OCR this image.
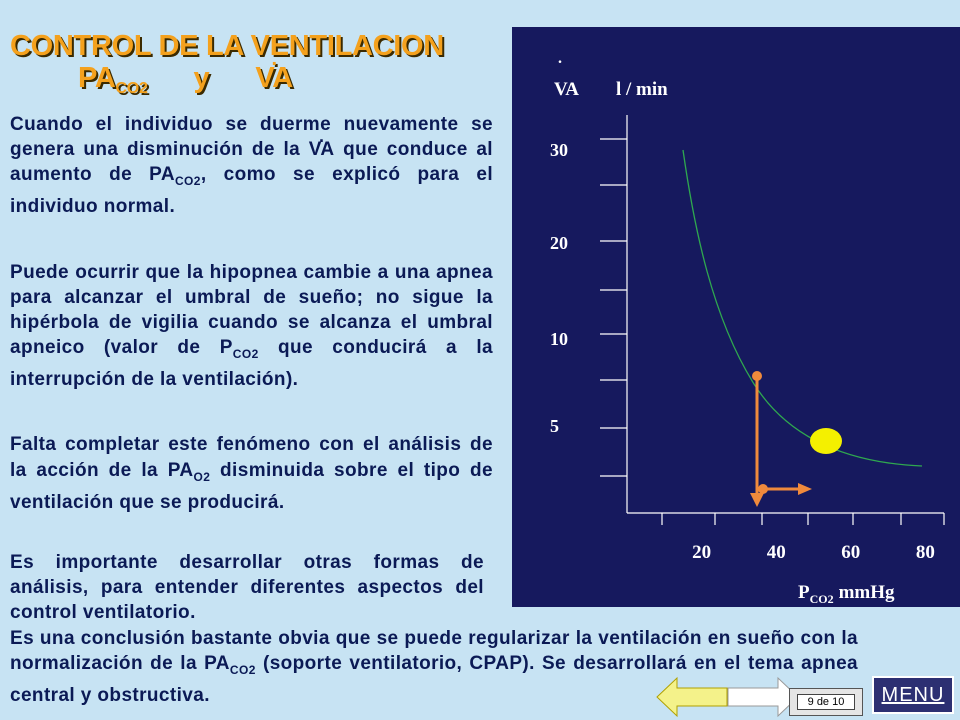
CONTROL DE LA VENTILACION
$PA_{CO2}$ y. VA
Cuando el individuo se duerme nuevamente se genera una disminución de la . VA que conduce al aumento de $PA_{CO2}$, como se explicó para el individuo normal.
Puede ocurrir que la hipopnea cambie a una apnea para alcanzar el umbral de sueño; no sigue la hipérbola de vigilia cuando se alcanza el umbral apneico (valor de $P_{CO2}$ que conducirá a la interrupción de la ventilación).
Falta completar este fenómeno con el análisis de la acción de la $PA_{O2}$ disminuida sobre el tipo de ventilación que se producirá.
Es importante desarrollar otras formas de análisis, para entender diferentes aspectos del control ventilatorio.
Es una conclusión bastante obvia que se puede regularizar la ventilación en sueño con la normalización de la $PA_{CO2}$ (soporte ventilatorio, CPAP). Se desarrollará en el tema apnea central y obstructiva.
.
VA l / min
30
20
10
5
20	40	60	80
$P_{CO2}$ mmHg
9 de 10	MENU
